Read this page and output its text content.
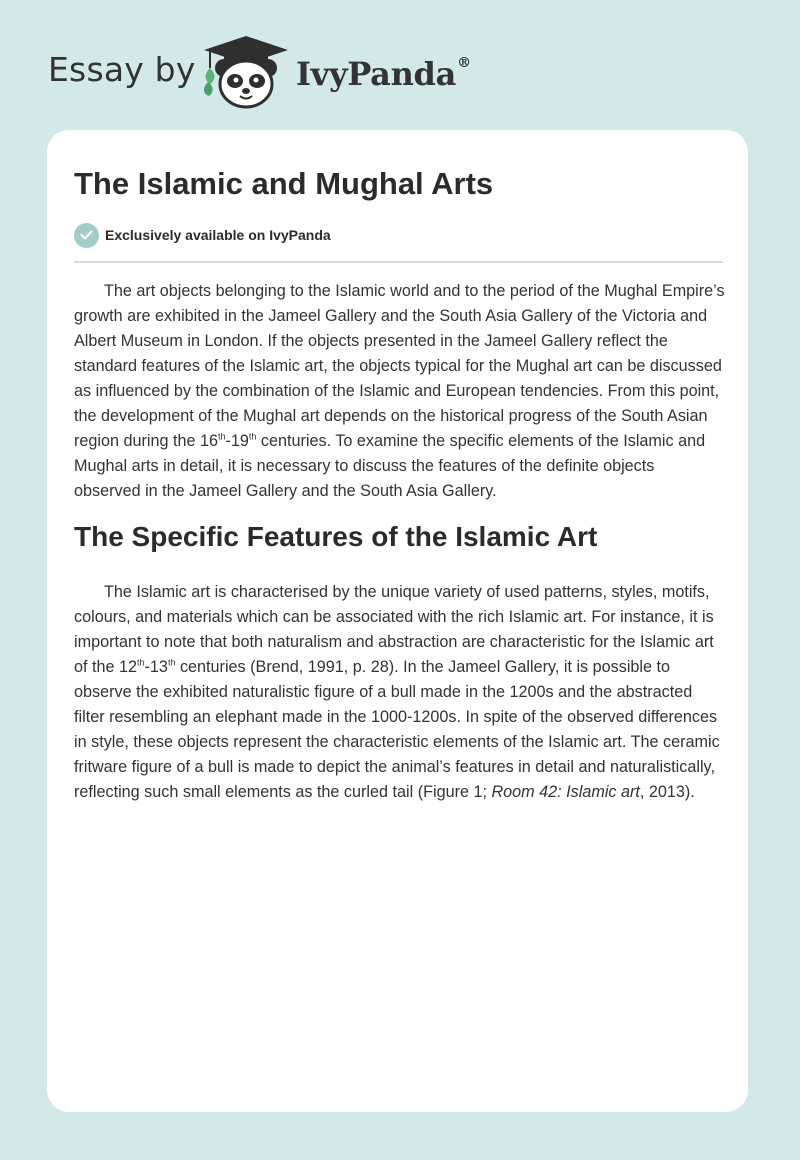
Essay by	IvyPanda®
The Islamic and Mughal Arts
Exclusively available on IvyPanda

The art objects belonging to the Islamic world and to the period of the Mughal Empire’s growth are exhibited in the Jameel Gallery and the South Asia Gallery of the Victoria and Albert Museum in London. If the objects presented in the Jameel Gallery reflect the standard features of the Islamic art, the objects typical for the Mughal art can be discussed as influenced by the combination of the Islamic and European tendencies. From this point, the development of the Mughal art depends on the historical progress of the South Asian region during the 16th-19th centuries. To examine the specific elements of the Islamic and Mughal arts in detail, it is necessary to discuss the features of the definite objects observed in the Jameel Gallery and the South Asia Gallery.

The Specific Features of the Islamic Art

The Islamic art is characterised by the unique variety of used patterns, styles, motifs, colours, and materials which can be associated with the rich Islamic art. For instance, it is important to note that both naturalism and abstraction are characteristic for the Islamic art of the 12th-13th centuries (Brend, 1991, p. 28). In the Jameel Gallery, it is possible to observe the exhibited naturalistic figure of a bull made in the 1200s and the abstracted filter resembling an elephant made in the 1000-1200s. In spite of the observed differences in style, these objects represent the characteristic elements of the Islamic art. The ceramic fritware figure of a bull is made to depict the animal’s features in detail and naturalistically, reflecting such small elements as the curled tail (Figure 1; Room 42: Islamic art, 2013).
